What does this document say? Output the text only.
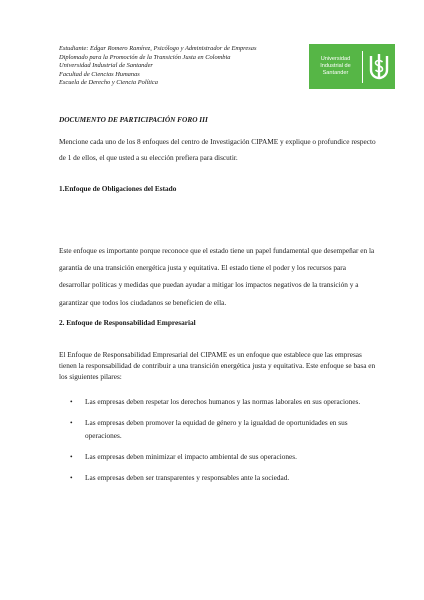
Estudiante: Edgar Romero Ramírez, Psicólogo y Administrador de Empresas
Diplomado para la Promoción de la Transición Justa en Colombia
Universidad Industrial de Santander
Facultad de Ciencias Humanas
Escuela de Derecho y Ciencia Política
Universidad
Industrial de
Santander
DOCUMENTO DE PARTICIPACIÓN FORO III
Mencione cada uno de los 8 enfoques del centro de Investigación CIPAME y explique o profundice respecto de 1 de ellos, el que usted a su elección prefiera para discutir.
1.Enfoque de Obligaciones del Estado
Este enfoque es importante porque reconoce que el estado tiene un papel fundamental que desempeñar en la garantía de una transición energética justa y equitativa. El estado tiene el poder y los recursos para desarrollar políticas y medidas que puedan ayudar a mitigar los impactos negativos de la transición y a garantizar que todos los ciudadanos se beneficien de ella.
2. Enfoque de Responsabilidad Empresarial
El Enfoque de Responsabilidad Empresarial del CIPAME es un enfoque que establece que las empresas tienen la responsabilidad de contribuir a una transición energética justa y equitativa. Este enfoque se basa en los siguientes pilares:
• Las empresas deben respetar los derechos humanos y las normas laborales en sus operaciones.
• Las empresas deben promover la equidad de género y la igualdad de oportunidades en sus operaciones.
• Las empresas deben minimizar el impacto ambiental de sus operaciones.
• Las empresas deben ser transparentes y responsables ante la sociedad.
